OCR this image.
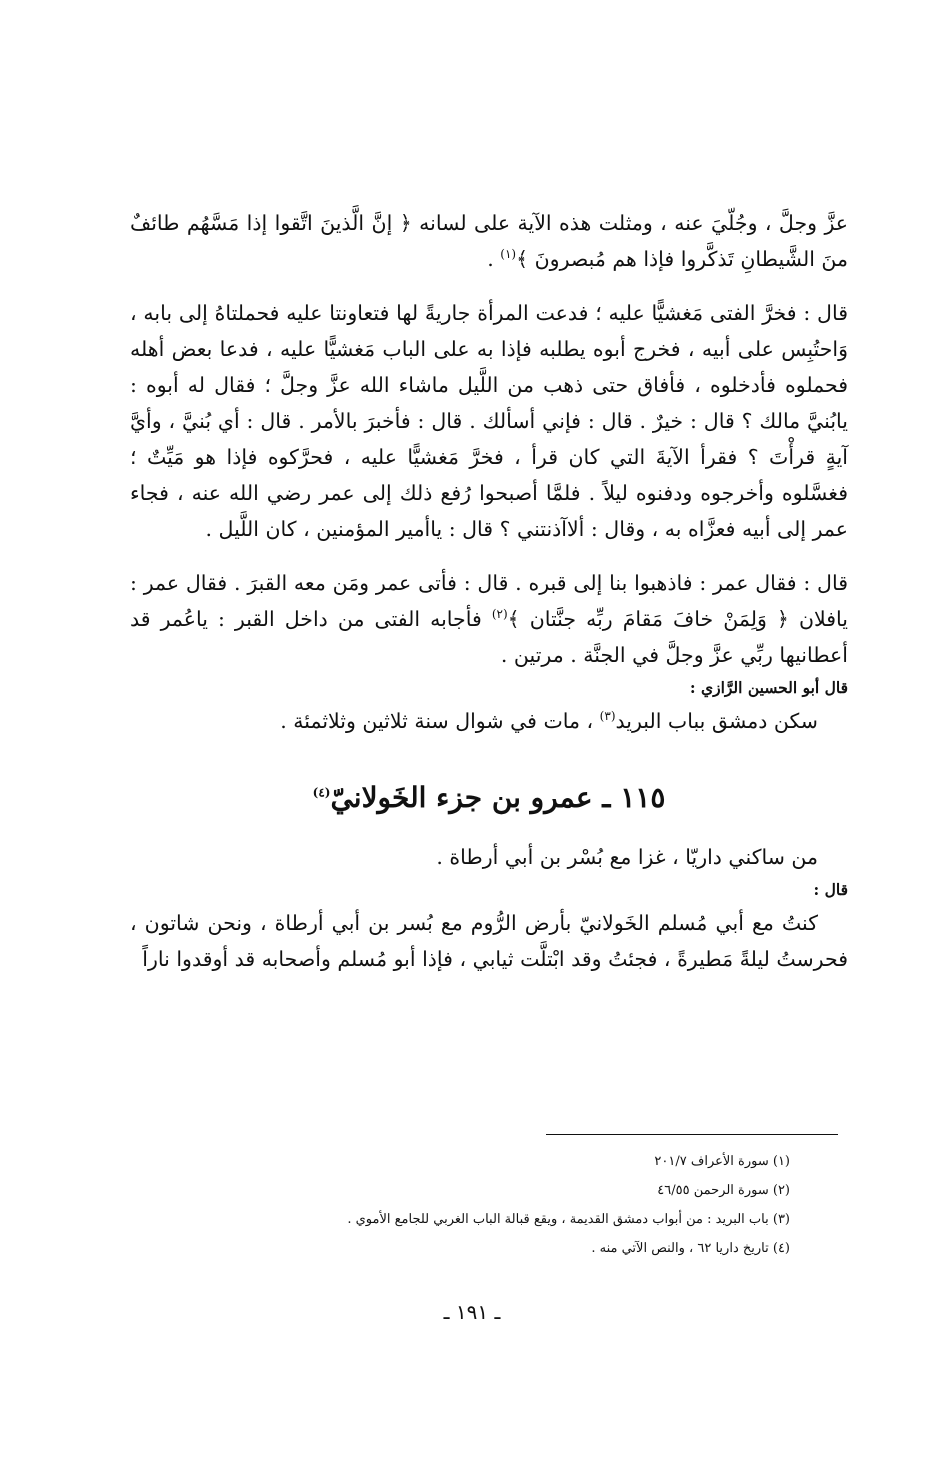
عزَّ وجلَّ ، وجُلّيَ عنه ، ومثلت هذه الآية على لسانه ﴿ إنَّ الَّذينَ اتَّقوا إذا مَسَّهُم طائفٌ منَ الشَّيطانِ تَذكَّروا فإذا هم مُبصرونَ ﴾$^{(١)}$ .

قال : فخرَّ الفتى مَغشيًّا عليه ؛ فدعت المرأة جاريةً لها فتعاونتا عليه فحملتاهُ إلى بابه ، وَاحتُبِس على أبيه ، فخرج أبوه يطلبه فإذا به على الباب مَغشيًّا عليه ، فدعا بعض أهله فحملوه فأدخلوه ، فأفاق حتى ذهب من اللَّيل ماشاء الله عزَّ وجلَّ ؛ فقال له أبوه : يابُنيَّ مالك ؟ قال : خيرٌ . قال : فإني أسألك . قال : فأخبرَ بالأمر . قال : أي بُنيَّ ، وأيَّ آيةٍ قرأْتَ ؟ فقرأ الآيةَ التي كان قرأ ، فخرَّ مَغشيًّا عليه ، فحرَّكوه فإذا هو مَيِّتٌ ؛ فغسَّلوه وأخرجوه ودفنوه ليلاً . فلمَّا أصبحوا رُفع ذلك إلى عمر رضي الله عنه ، فجاء عمر إلى أبيه فعزَّاه به ، وقال : ألاآذنتني ؟ قال : ياأمير المؤمنين ، كان اللَّيل .

قال : فقال عمر : فاذهبوا بنا إلى قبره . قال : فأتى عمر ومَن معه القبرَ . فقال عمر : يافلان ﴿ وَلِمَنْ خافَ مَقامَ ربِّه جنَّتان ﴾$^{(٢)}$ فأجابه الفتى من داخل القبر : ياعُمر قد أعطانيها ربِّي عزَّ وجلَّ في الجنَّة . مرتين .

قال أبو الحسين الرَّازي :

سكن دمشق بباب البريد$^{(٣)}$ ، مات في شوال سنة ثلاثين وثلاثمئة .

١١٥ ـ عمرو بن جزء الخَولانيّ$^{(٤)}$

من ساكني داريّا ، غزا مع بُسْر بن أبي أرطاة .

قال :

كنتُ مع أبي مُسلم الخَولانيّ بأرض الرُّوم مع بُسر بن أبي أرطاة ، ونحن شاتون ، فحرستُ ليلةً مَطيرةً ، فجئتُ وقد ابْتلَّت ثيابي ، فإذا أبو مُسلم وأصحابه قد أوقدوا ناراً

(١) سورة الأعراف ٢٠١/٧
(٢) سورة الرحمن ٤٦/٥٥
(٣) باب البريد : من أبواب دمشق القديمة ، ويقع قبالة الباب الغربي للجامع الأموي .
(٤) تاريخ داريا ٦٢ ، والنص الآتي منه .
ـ ١٩١ ـ
